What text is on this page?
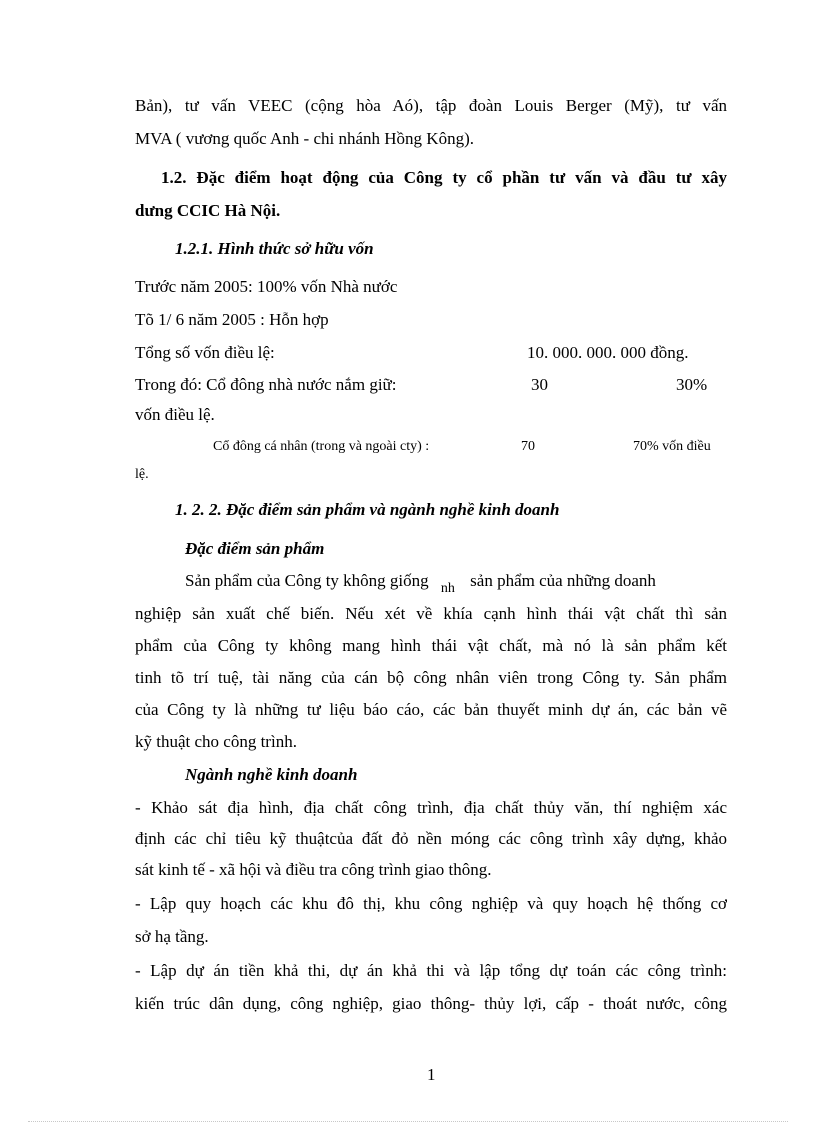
Bản), tư vấn VEEC (cộng hòa Aó), tập đoàn Louis Berger (Mỹ), tư vấn
MVA ( vương quốc Anh - chi nhánh Hồng Kông).
1.2. Đặc điểm hoạt động của Công ty cổ phần tư vấn và đầu tư xây
dưng CCIC Hà Nội.
1.2.1. Hình thức sở hữu vốn
Trước năm 2005: 100% vốn Nhà nước
Tõ 1/ 6 năm 2005 : Hỗn hợp
Tổng số vốn điều lệ:	10. 000. 000. 000 đồng.
Trong đó: Cổ đông nhà nước nắm giữ:	30	30%
vốn điều lệ.
Cổ đông cá nhân (trong và ngoài cty) :	70	70% vốn điều
lệ.
1. 2. 2. Đặc điểm sản phẩm và ngành nghề kinh doanh
Đặc điểm sản phẩm
Sản phẩm của Công ty không giống $_{nh}$ sản phẩm của những doanh
nghiệp sản xuất chế biến. Nếu xét về khía cạnh hình thái vật chất thì sản
phẩm của Công ty không mang hình thái vật chất, mà nó là sản phẩm kết
tinh tõ trí tuệ, tài năng của cán bộ công nhân viên trong Công ty. Sản phẩm
của Công ty là những tư liệu báo cáo, các bản thuyết minh dự án, các bản vẽ
kỹ thuật cho công trình.
Ngành nghề kinh doanh
- Khảo sát địa hình, địa chất công trình, địa chất thủy văn, thí nghiệm xác
định các chỉ tiêu kỹ thuậtcủa đất đỏ nền móng các công trình xây dựng, khảo
sát kinh tế - xã hội và điều tra công trình giao thông.
- Lập quy hoạch các khu đô thị, khu công nghiệp và quy hoạch hệ thống cơ
sở hạ tầng.
- Lập dự án tiền khả thi, dự án khả thi và lập tổng dự toán các công trình:
kiến trúc dân dụng, công nghiệp, giao thông- thủy lợi, cấp - thoát nước, công
1
